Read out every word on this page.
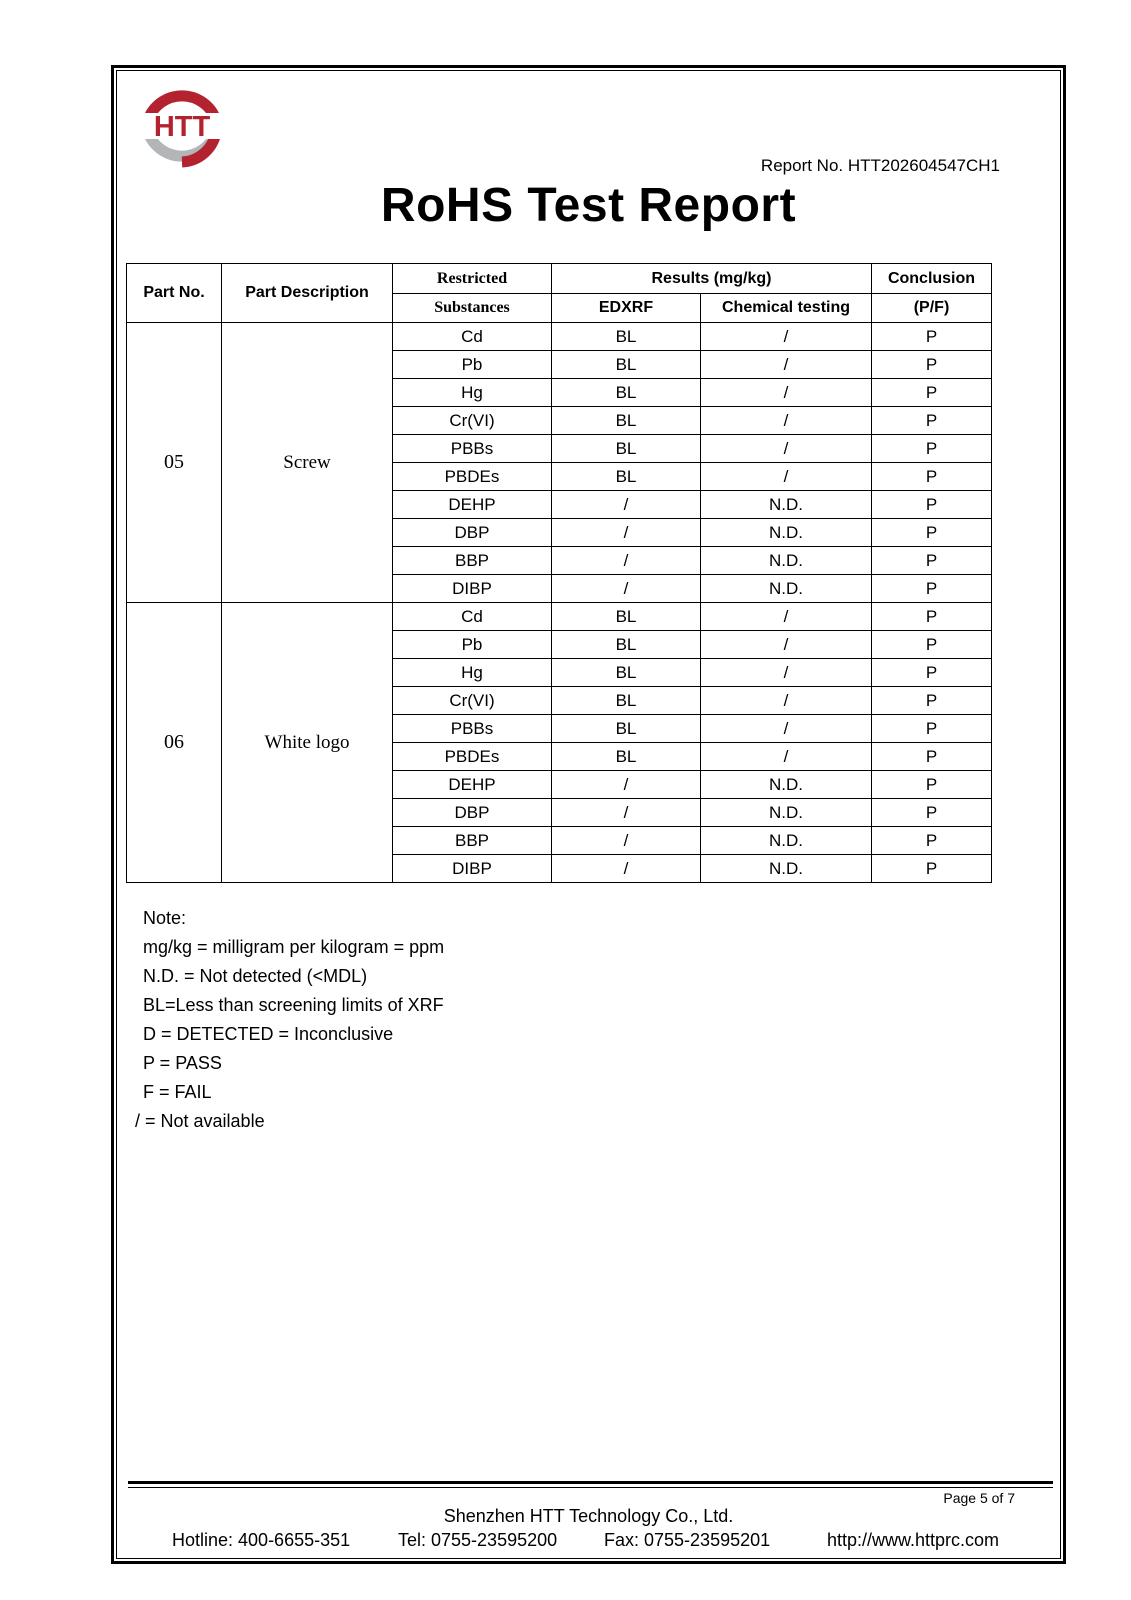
HTT
Report No. HTT202604547CH1
RoHS Test Report
Part No.	Part Description	Restricted	Results (mg/kg)		Conclusion
		Substances	EDXRF	Chemical testing	(P/F)
05	Screw	Cd	BL	/	P
		Pb	BL	/	P
		Hg	BL	/	P
		Cr(VI)	BL	/	P
		PBBs	BL	/	P
		PBDEs	BL	/	P
		DEHP	/	N.D.	P
		DBP	/	N.D.	P
		BBP	/	N.D.	P
		DIBP	/	N.D.	P
06	White logo	Cd	BL	/	P
		Pb	BL	/	P
		Hg	BL	/	P
		Cr(VI)	BL	/	P
		PBBs	BL	/	P
		PBDEs	BL	/	P
		DEHP	/	N.D.	P
		DBP	/	N.D.	P
		BBP	/	N.D.	P
		DIBP	/	N.D.	P
Note:
mg/kg = milligram per kilogram = ppm
N.D. = Not detected (<MDL)
BL=Less than screening limits of XRF
D = DETECTED = Inconclusive
P = PASS
F = FAIL
/ = Not available
Page 5 of 7
Shenzhen HTT Technology Co., Ltd.
Hotline: 400-6655-351	Tel: 0755-23595200	Fax: 0755-23595201	http://www.httprc.com
